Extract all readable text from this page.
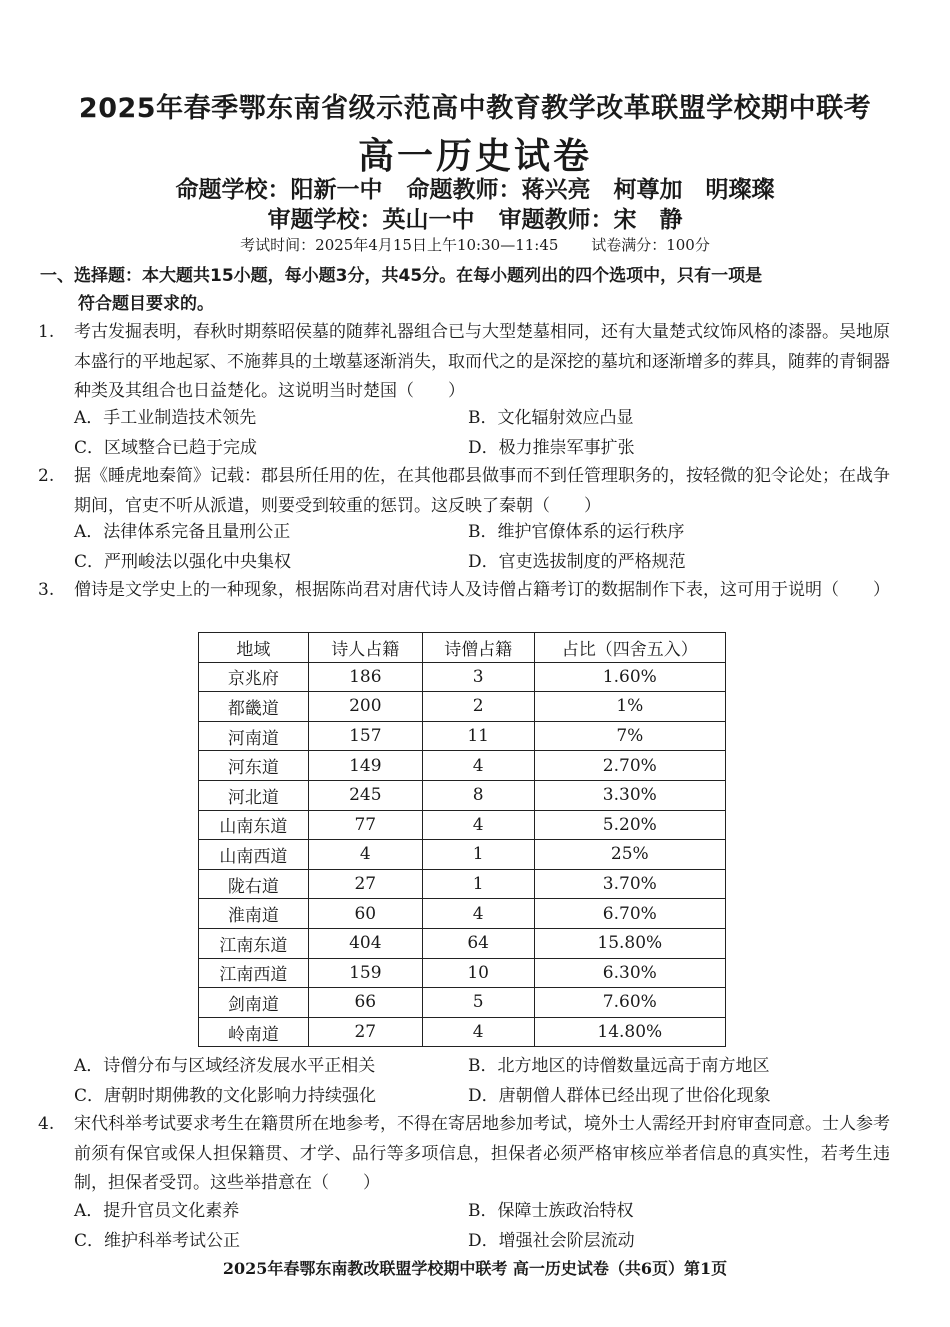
2025年春季鄂东南省级示范高中教育教学改革联盟学校期中联考
高一历史试卷
命题学校：阳新一中 命题教师：蒋兴亮　柯尊加　明璨璨
审题学校：英山一中 审题教师：宋　静
考试时间：2025年4月15日上午10:30—11:45 试卷满分：100分
一、选择题：本大题共15小题，每小题3分，共45分。在每小题列出的四个选项中，只有一项是
符合题目要求的。
1.	考古发掘表明，春秋时期蔡昭侯墓的随葬礼器组合已与大型楚墓相同，还有大量楚式纹饰风格的漆器。吴地原本盛行的平地起冢、不施葬具的土墩墓逐渐消失，取而代之的是深挖的墓坑和逐渐增多的葬具，随葬的青铜器种类及其组合也日益楚化。这说明当时楚国（　　）
A．手工业制造技术领先	B．文化辐射效应凸显
C．区域整合已趋于完成	D．极力推崇军事扩张
2.	据《睡虎地秦简》记载：郡县所任用的佐，在其他郡县做事而不到任管理职务的，按轻微的犯令论处；在战争期间，官吏不听从派遣，则要受到较重的惩罚。这反映了秦朝（　　）
A．法律体系完备且量刑公正	B．维护官僚体系的运行秩序
C．严刑峻法以强化中央集权	D．官吏选拔制度的严格规范
3.	僧诗是文学史上的一种现象，根据陈尚君对唐代诗人及诗僧占籍考订的数据制作下表，这可用于说明（　　）
地域	诗人占籍	诗僧占籍	占比（四舍五入）
京兆府	186	3	1.60%
都畿道	200	2	1%
河南道	157	11	7%
河东道	149	4	2.70%
河北道	245	8	3.30%
山南东道	77	4	5.20%
山南西道	4	1	25%
陇右道	27	1	3.70%
淮南道	60	4	6.70%
江南东道	404	64	15.80%
江南西道	159	10	6.30%
剑南道	66	5	7.60%
岭南道	27	4	14.80%
A．诗僧分布与区域经济发展水平正相关	B．北方地区的诗僧数量远高于南方地区
C．唐朝时期佛教的文化影响力持续强化	D．唐朝僧人群体已经出现了世俗化现象
4.	宋代科举考试要求考生在籍贯所在地参考，不得在寄居地参加考试，境外士人需经开封府审查同意。士人参考前须有保官或保人担保籍贯、才学、品行等多项信息，担保者必须严格审核应举者信息的真实性，若考生违制，担保者受罚。这些举措意在（　　）
A．提升官员文化素养	B．保障士族政治特权
C．维护科举考试公正	D．增强社会阶层流动
2025年春鄂东南教改联盟学校期中联考 高一历史试卷（共6页）第1页
